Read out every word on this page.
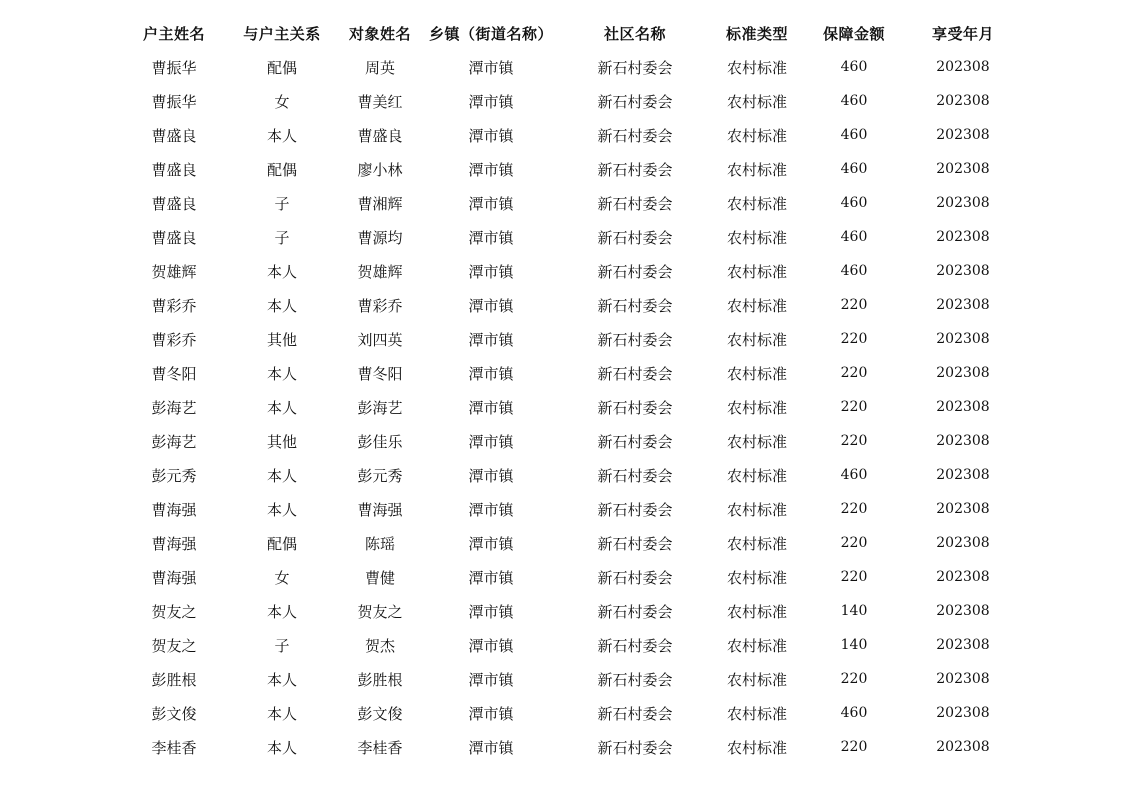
户主姓名	与户主关系	对象姓名	乡镇（街道名称）	社区名称	标准类型	保障金额	享受年月
曹振华	配偶	周英	潭市镇	新石村委会	农村标准	460	202308
曹振华	女	曹美红	潭市镇	新石村委会	农村标准	460	202308
曹盛良	本人	曹盛良	潭市镇	新石村委会	农村标准	460	202308
曹盛良	配偶	廖小林	潭市镇	新石村委会	农村标准	460	202308
曹盛良	子	曹湘辉	潭市镇	新石村委会	农村标准	460	202308
曹盛良	子	曹源均	潭市镇	新石村委会	农村标准	460	202308
贺雄辉	本人	贺雄辉	潭市镇	新石村委会	农村标准	460	202308
曹彩乔	本人	曹彩乔	潭市镇	新石村委会	农村标准	220	202308
曹彩乔	其他	刘四英	潭市镇	新石村委会	农村标准	220	202308
曹冬阳	本人	曹冬阳	潭市镇	新石村委会	农村标准	220	202308
彭海艺	本人	彭海艺	潭市镇	新石村委会	农村标准	220	202308
彭海艺	其他	彭佳乐	潭市镇	新石村委会	农村标准	220	202308
彭元秀	本人	彭元秀	潭市镇	新石村委会	农村标准	460	202308
曹海强	本人	曹海强	潭市镇	新石村委会	农村标准	220	202308
曹海强	配偶	陈瑶	潭市镇	新石村委会	农村标准	220	202308
曹海强	女	曹健	潭市镇	新石村委会	农村标准	220	202308
贺友之	本人	贺友之	潭市镇	新石村委会	农村标准	140	202308
贺友之	子	贺杰	潭市镇	新石村委会	农村标准	140	202308
彭胜根	本人	彭胜根	潭市镇	新石村委会	农村标准	220	202308
彭文俊	本人	彭文俊	潭市镇	新石村委会	农村标准	460	202308
李桂香	本人	李桂香	潭市镇	新石村委会	农村标准	220	202308
